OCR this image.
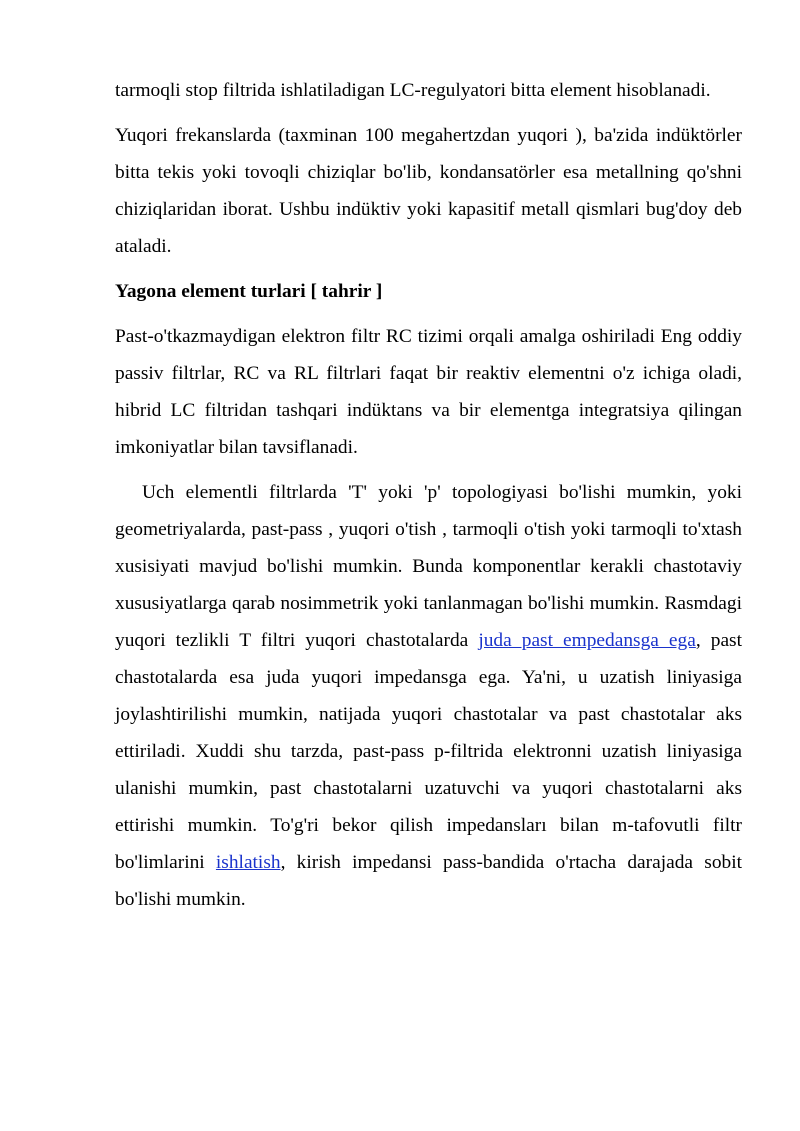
tarmoqli stop filtrida ishlatiladigan LC-regulyatori bitta element hisoblanadi.

Yuqori frekanslarda (taxminan 100 megahertzdan yuqori ), ba'zida indüktörler bitta tekis yoki tovoqli chiziqlar bo'lib, kondansatörler esa metallning qo'shni chiziqlaridan iborat. Ushbu indüktiv yoki kapasitif metall qismlari bug'doy deb ataladi.

Yagona element turlari [ tahrir ]

Past-o'tkazmaydigan elektron filtr RC tizimi orqali amalga oshiriladi Eng oddiy passiv filtrlar, RC va RL filtrlari faqat bir reaktiv elementni o'z ichiga oladi, hibrid LC filtridan tashqari indüktans va bir elementga integratsiya qilingan imkoniyatlar bilan tavsiflanadi.

Uch elementli filtrlarda 'T' yoki 'p' topologiyasi bo'lishi mumkin, yoki geometriyalarda, past-pass , yuqori o'tish , tarmoqli o'tish yoki tarmoqli to'xtash xusisiyati mavjud bo'lishi mumkin. Bunda komponentlar kerakli chastotaviy xususiyatlarga qarab nosimmetrik yoki tanlanmagan bo'lishi mumkin. Rasmdagi yuqori tezlikli T filtri yuqori chastotalarda juda past empedansga ega, past chastotalarda esa juda yuqori impedansga ega. Ya'ni, u uzatish liniyasiga joylashtirilishi mumkin, natijada yuqori chastotalar va past chastotalar aks ettiriladi. Xuddi shu tarzda, past-pass p-filtrida elektronni uzatish liniyasiga ulanishi mumkin, past chastotalarni uzatuvchi va yuqori chastotalarni aks ettirishi mumkin. To'g'ri bekor qilish impedansları bilan m-tafovutli filtr bo'limlarini ishlatish, kirish impedansi pass-bandida o'rtacha darajada sobit bo'lishi mumkin.
